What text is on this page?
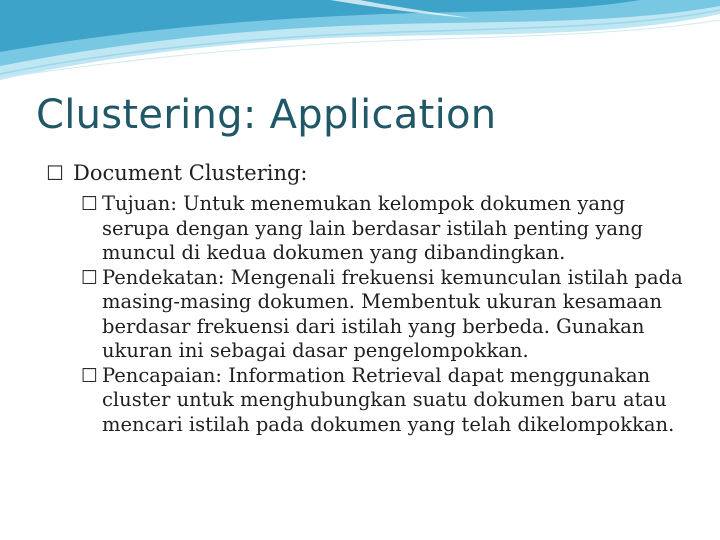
Clustering: Application

☐ Document Clustering:

☐ Tujuan: Untuk menemukan kelompok dokumen yang serupa dengan yang lain berdasar istilah penting yang muncul di kedua dokumen yang dibandingkan.

☐ Pendekatan: Mengenali frekuensi kemunculan istilah pada masing-masing dokumen. Membentuk ukuran kesamaan berdasar frekuensi dari istilah yang berbeda. Gunakan ukuran ini sebagai dasar pengelompokkan.

☐ Pencapaian: Information Retrieval dapat menggunakan cluster untuk menghubungkan suatu dokumen baru atau mencari istilah pada dokumen yang telah dikelompokkan.
